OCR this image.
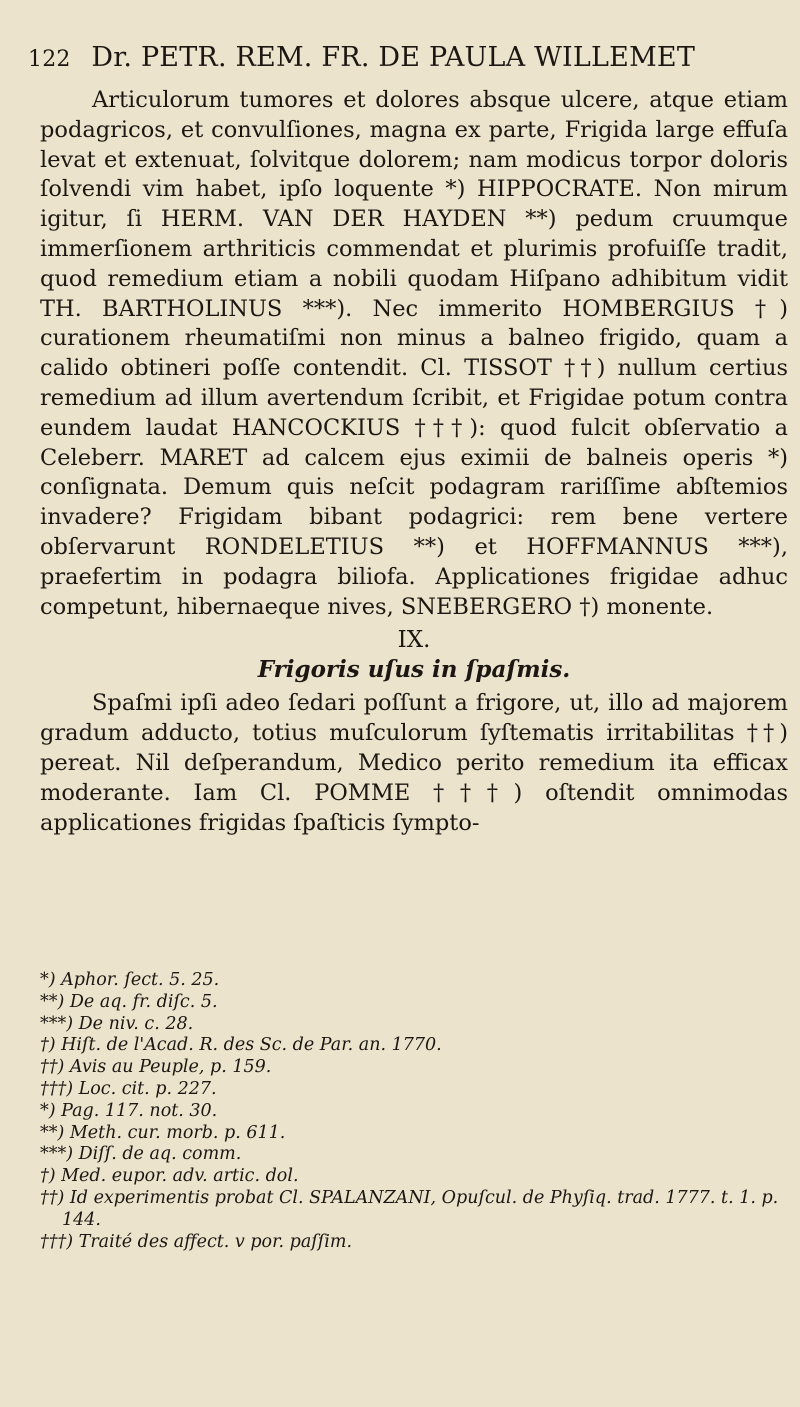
122 Dr. PETR. REM. FR. DE PAULA WILLEMET

Articulorum tumores et dolores absque ulcere, atque etiam podagricos, et convulſiones, magna ex parte, Frigida large effuſa levat et extenuat, ſolvitque dolorem; nam modicus torpor doloris ſolvendi vim habet, ipſo loquente *) HIPPOCRATE. Non mirum igitur, ſi HERM. VAN DER HAYDEN **) pedum cruumque immerſionem arthriticis commendat et plurimis profuiſſe tradit, quod remedium etiam a nobili quodam Hiſpano adhibitum vidit TH. BARTHOLINUS ***). Nec immerito HOMBERGIUS †) curationem rheumatiſmi non minus a balneo frigido, quam a calido obtineri poſſe contendit. Cl. TISSOT ††) nullum certius remedium ad illum avertendum ſcribit, et Frigidae potum contra eundem laudat HANCOCKIUS †††): quod fulcit obſervatio a Celeberr. MARET ad calcem ejus eximii de balneis operis *) conſignata. Demum quis neſcit podagram rariſſime abſtemios invadere? Frigidam bibant podagrici: rem bene vertere obſervarunt RONDELETIUS **) et HOFFMANNUS ***), praefertim in podagra biliofa. Applicationes frigidae adhuc competunt, hibernaeque nives, SNEBERGERO †) monente.

IX.
Frigoris uſus in ſpaſmis.

Spaſmi ipſi adeo ſedari poſſunt a frigore, ut, illo ad majorem gradum adducto, totius muſculorum ſyſtematis irritabilitas ††) pereat. Nil deſperandum, Medico perito remedium ita efficax moderante. Iam Cl. POMME †††) oſtendit omnimodas applicationes frigidas ſpaſticis ſympto-

*) Aphor. ſect. 5. 25.
**) De aq. fr. diſc. 5.
***) De niv. c. 28.
†) Hiſt. de l'Acad. R. des Sc. de Par. an. 1770.
††) Avis au Peuple, p. 159.
†††) Loc. cit. p. 227.
*) Pag. 117. not. 30.
**) Meth. cur. morb. p. 611.
***) Diſſ. de aq. comm.
†) Med. eupor. adv. artic. dol.
††) Id experimentis probat Cl. SPALANZANI, Opuſcul. de Phyſiq. trad. 1777. t. 1. p. 144.
†††) Traité des affect. v por. paſſim.
